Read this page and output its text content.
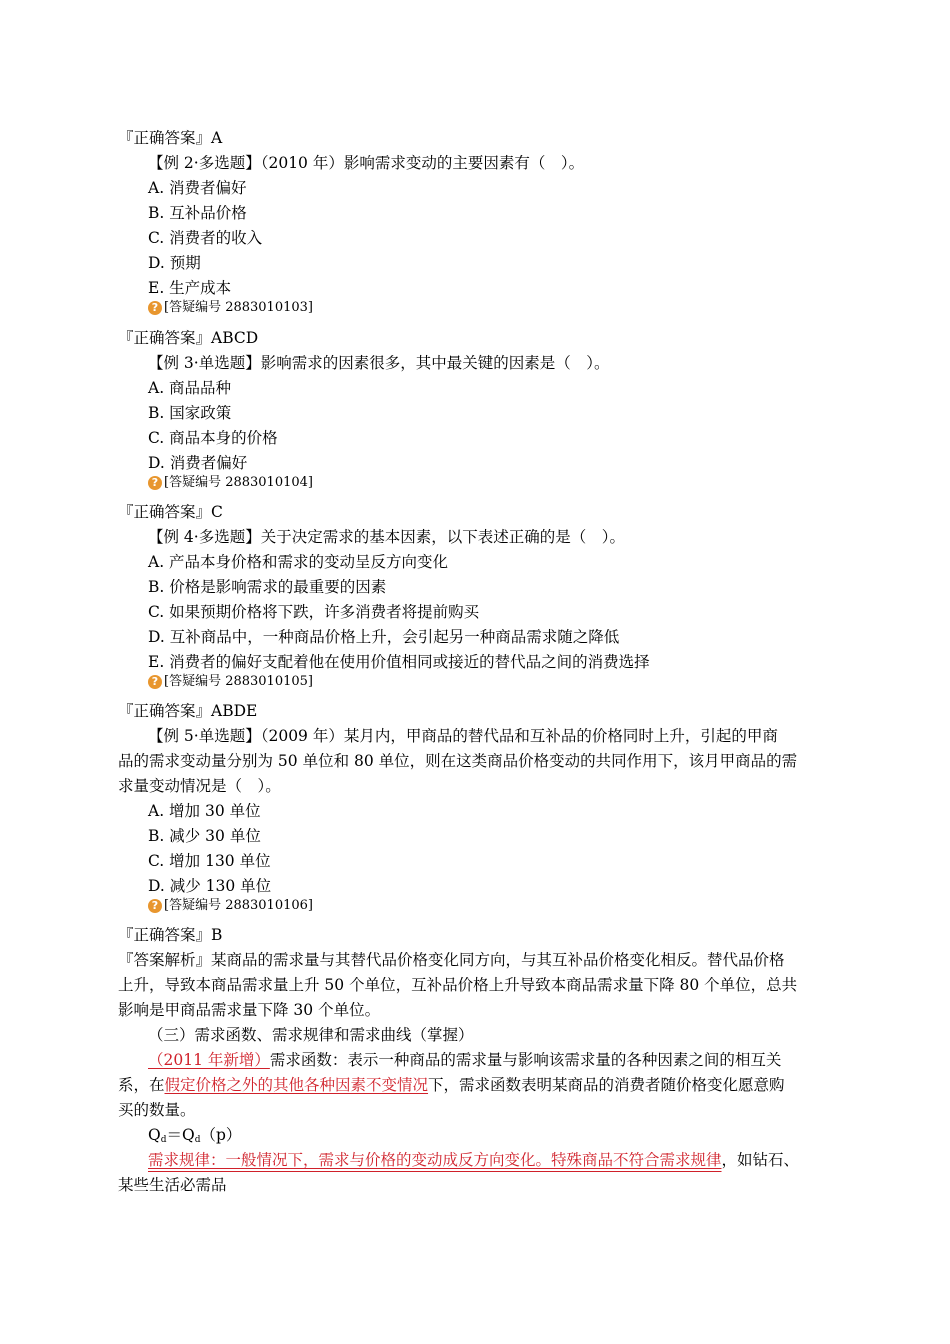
『正确答案』A
【例 2·多选题】（2010 年）影响需求变动的主要因素有（　）。
A. 消费者偏好
B. 互补品价格
C. 消费者的收入
D. 预期
E. 生产成本
? [答疑编号 2883010103]
『正确答案』ABCD
【例 3·单选题】影响需求的因素很多，其中最关键的因素是（　）。
A. 商品品种
B. 国家政策
C. 商品本身的价格
D. 消费者偏好
? [答疑编号 2883010104]
『正确答案』C
【例 4·多选题】关于决定需求的基本因素，以下表述正确的是（　）。
A. 产品本身价格和需求的变动呈反方向变化
B. 价格是影响需求的最重要的因素
C. 如果预期价格将下跌，许多消费者将提前购买
D. 互补商品中，一种商品价格上升，会引起另一种商品需求随之降低
E. 消费者的偏好支配着他在使用价值相同或接近的替代品之间的消费选择
? [答疑编号 2883010105]
『正确答案』ABDE
【例 5·单选题】（2009 年）某月内，甲商品的替代品和互补品的价格同时上升，引起的甲商
品的需求变动量分别为 50 单位和 80 单位，则在这类商品价格变动的共同作用下，该月甲商品的需
求量变动情况是（　）。
A. 增加 30 单位
B. 减少 30 单位
C. 增加 130 单位
D. 减少 130 单位
? [答疑编号 2883010106]
『正确答案』B
『答案解析』某商品的需求量与其替代品价格变化同方向，与其互补品价格变化相反。替代品价格
上升，导致本商品需求量上升 50 个单位，互补品价格上升导致本商品需求量下降 80 个单位，总共
影响是甲商品需求量下降 30 个单位。
（三）需求函数、需求规律和需求曲线（掌握）
（2011 年新增）需求函数：表示一种商品的需求量与影响该需求量的各种因素之间的相互关
系，在假定价格之外的其他各种因素不变情况下，需求函数表明某商品的消费者随价格变化愿意购
买的数量。
$Q_d=Q_d(p)$
需求规律：一般情况下，需求与价格的变动成反方向变化。特殊商品不符合需求规律，如钻石、
某些生活必需品
